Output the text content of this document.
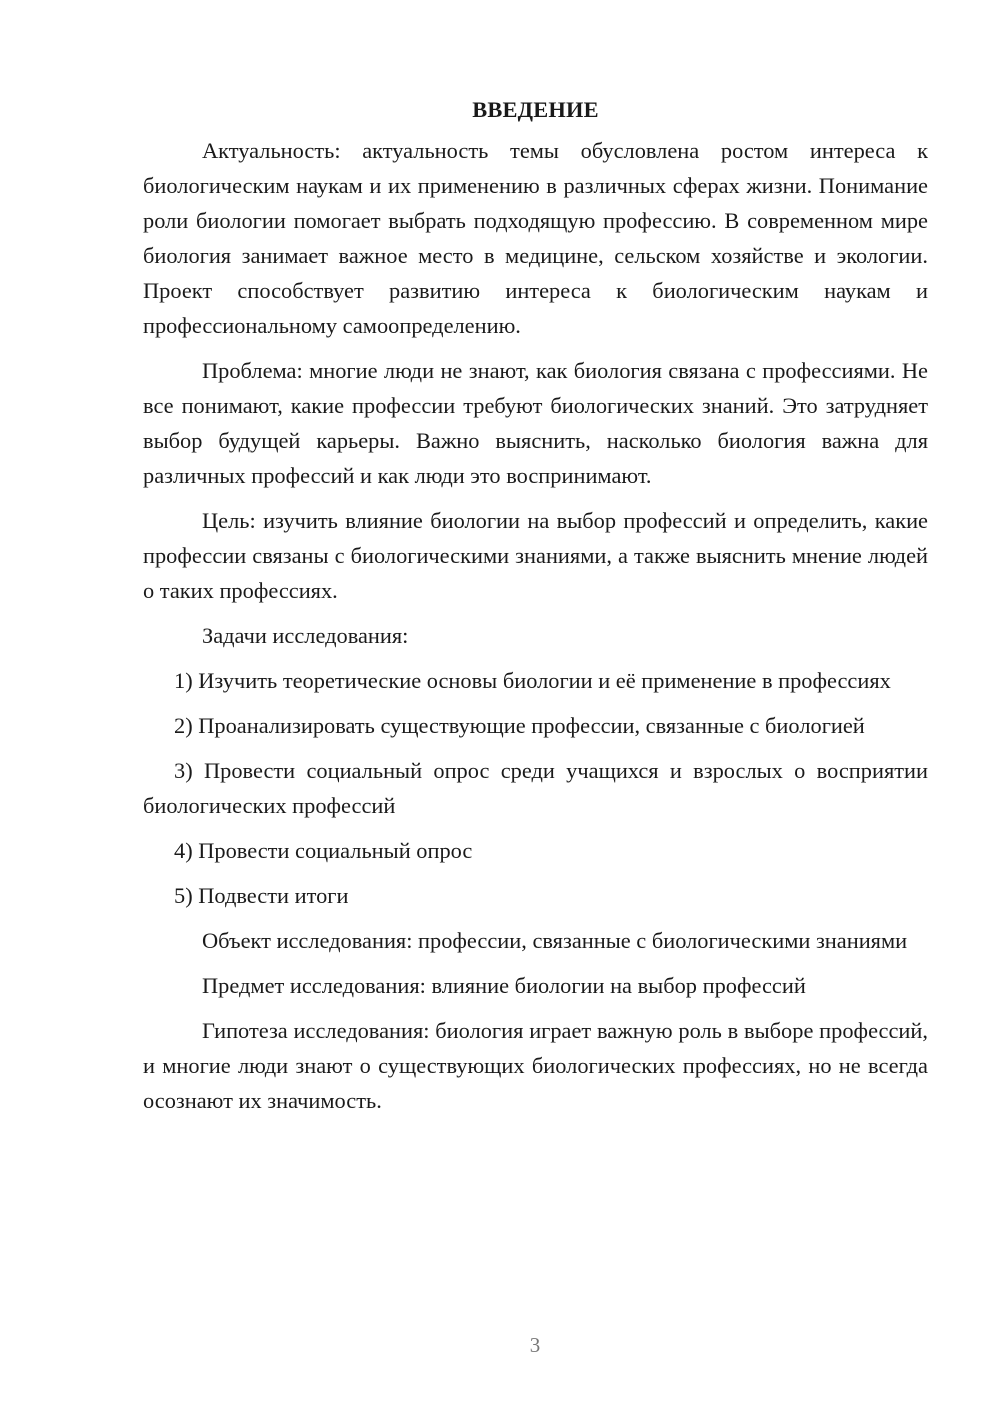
ВВЕДЕНИЕ

Актуальность: актуальность темы обусловлена ростом интереса к биологическим наукам и их применению в различных сферах жизни. Понимание роли биологии помогает выбрать подходящую профессию. В современном мире биология занимает важное место в медицине, сельском хозяйстве и экологии. Проект способствует развитию интереса к биологическим наукам и профессиональному самоопределению.

Проблема: многие люди не знают, как биология связана с профессиями. Не все понимают, какие профессии требуют биологических знаний. Это затрудняет выбор будущей карьеры. Важно выяснить, насколько биология важна для различных профессий и как люди это воспринимают.

Цель: изучить влияние биологии на выбор профессий и определить, какие профессии связаны с биологическими знаниями, а также выяснить мнение людей о таких профессиях.

Задачи исследования:

1) Изучить теоретические основы биологии и её применение в профессиях

2) Проанализировать существующие профессии, связанные с биологией

3) Провести социальный опрос среди учащихся и взрослых о восприятии биологических профессий

4) Провести социальный опрос

5) Подвести итоги

Объект исследования: профессии, связанные с биологическими знаниями

Предмет исследования: влияние биологии на выбор профессий

Гипотеза исследования: биология играет важную роль в выборе профессий, и многие люди знают о существующих биологических профессиях, но не всегда осознают их значимость.

3
